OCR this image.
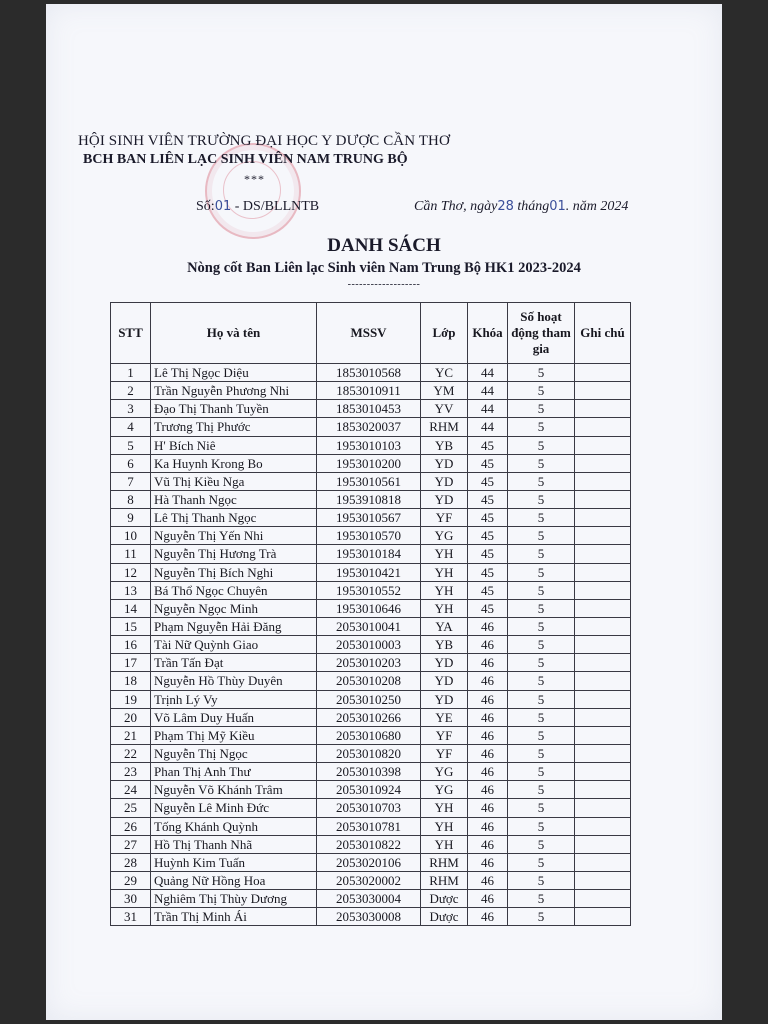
HỘI SINH VIÊN TRƯỜNG ĐẠI HỌC Y DƯỢC CẦN THƠ
BCH BAN LIÊN LẠC SINH VIÊN NAM TRUNG BỘ
***
Số:01 - DS/BLLNTB	Cần Thơ, ngày28 tháng01. năm 2024
DANH SÁCH
Nòng cốt Ban Liên lạc Sinh viên Nam Trung Bộ HK1 2023-2024
-------------------
STT	Họ và tên	MSSV	Lớp	Khóa	Số hoạt động tham gia	Ghi chú
1	Lê Thị Ngọc Diệu	1853010568	YC	44	5	
2	Trần Nguyễn Phương Nhi	1853010911	YM	44	5	
3	Đạo Thị Thanh Tuyền	1853010453	YV	44	5	
4	Trương Thị Phước	1853020037	RHM	44	5	
5	H' Bích Niê	1953010103	YB	45	5	
6	Ka Huynh Krong Bo	1953010200	YD	45	5	
7	Vũ Thị Kiều Nga	1953010561	YD	45	5	
8	Hà Thanh Ngọc	1953910818	YD	45	5	
9	Lê Thị Thanh Ngọc	1953010567	YF	45	5	
10	Nguyễn Thị Yến Nhi	1953010570	YG	45	5	
11	Nguyễn Thị Hương Trà	1953010184	YH	45	5	
12	Nguyễn Thị Bích Nghi	1953010421	YH	45	5	
13	Bá Thổ Ngọc Chuyên	1953010552	YH	45	5	
14	Nguyễn Ngọc Minh	1953010646	YH	45	5	
15	Phạm Nguyễn Hải Đăng	2053010041	YA	46	5	
16	Tài Nữ Quỳnh Giao	2053010003	YB	46	5	
17	Trần Tấn Đạt	2053010203	YD	46	5	
18	Nguyễn Hồ Thùy Duyên	2053010208	YD	46	5	
19	Trịnh Lý Vy	2053010250	YD	46	5	
20	Võ Lâm Duy Huấn	2053010266	YE	46	5	
21	Phạm Thị Mỹ Kiều	2053010680	YF	46	5	
22	Nguyễn Thị Ngọc	2053010820	YF	46	5	
23	Phan Thị Anh Thư	2053010398	YG	46	5	
24	Nguyễn Võ Khánh Trâm	2053010924	YG	46	5	
25	Nguyễn Lê Minh Đức	2053010703	YH	46	5	
26	Tống Khánh Quỳnh	2053010781	YH	46	5	
27	Hồ Thị Thanh Nhã	2053010822	YH	46	5	
28	Huỳnh Kim Tuấn	2053020106	RHM	46	5	
29	Quảng Nữ Hồng Hoa	2053020002	RHM	46	5	
30	Nghiêm Thị Thùy Dương	2053030004	Dược	46	5	
31	Trần Thị Minh Ái	2053030008	Dược	46	5	
